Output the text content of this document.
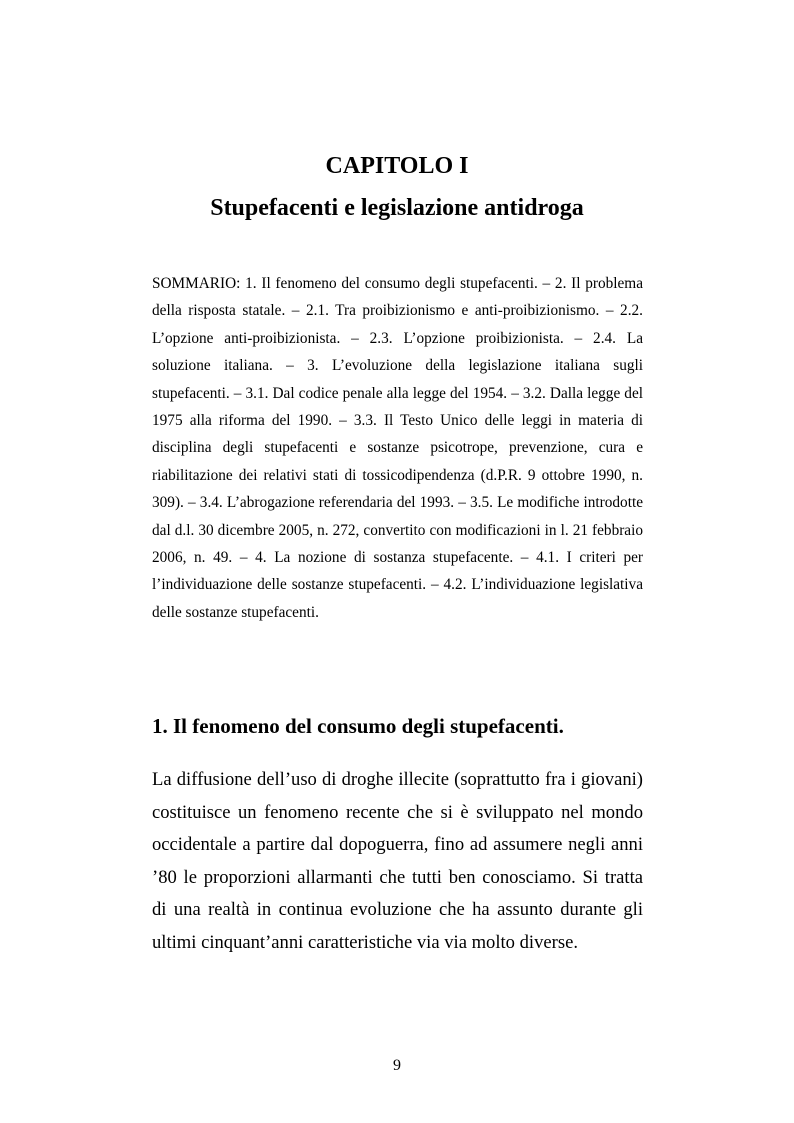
CAPITOLO I
Stupefacenti e legislazione antidroga

SOMMARIO: 1. Il fenomeno del consumo degli stupefacenti. – 2. Il problema della risposta statale. – 2.1. Tra proibizionismo e anti-proibizionismo. – 2.2. L’opzione anti-proibizionista. – 2.3. L’opzione proibizionista. – 2.4. La soluzione italiana. – 3. L’evoluzione della legislazione italiana sugli stupefacenti. – 3.1. Dal codice penale alla legge del 1954. – 3.2. Dalla legge del 1975 alla riforma del 1990. – 3.3. Il Testo Unico delle leggi in materia di disciplina degli stupefacenti e sostanze psicotrope, prevenzione, cura e riabilitazione dei relativi stati di tossicodipendenza (d.P.R. 9 ottobre 1990, n. 309). – 3.4. L’abrogazione referendaria del 1993. – 3.5. Le modifiche introdotte dal d.l. 30 dicembre 2005, n. 272, convertito con modificazioni in l. 21 febbraio 2006, n. 49. – 4. La nozione di sostanza stupefacente. – 4.1. I criteri per l’individuazione delle sostanze stupefacenti. – 4.2. L’individuazione legislativa delle sostanze stupefacenti.

1. Il fenomeno del consumo degli stupefacenti.

La diffusione dell’uso di droghe illecite (soprattutto fra i giovani) costituisce un fenomeno recente che si è sviluppato nel mondo occidentale a partire dal dopoguerra, fino ad assumere negli anni ’80 le proporzioni allarmanti che tutti ben conosciamo. Si tratta di una realtà in continua evoluzione che ha assunto durante gli ultimi cinquant’anni caratteristiche via via molto diverse.

9
